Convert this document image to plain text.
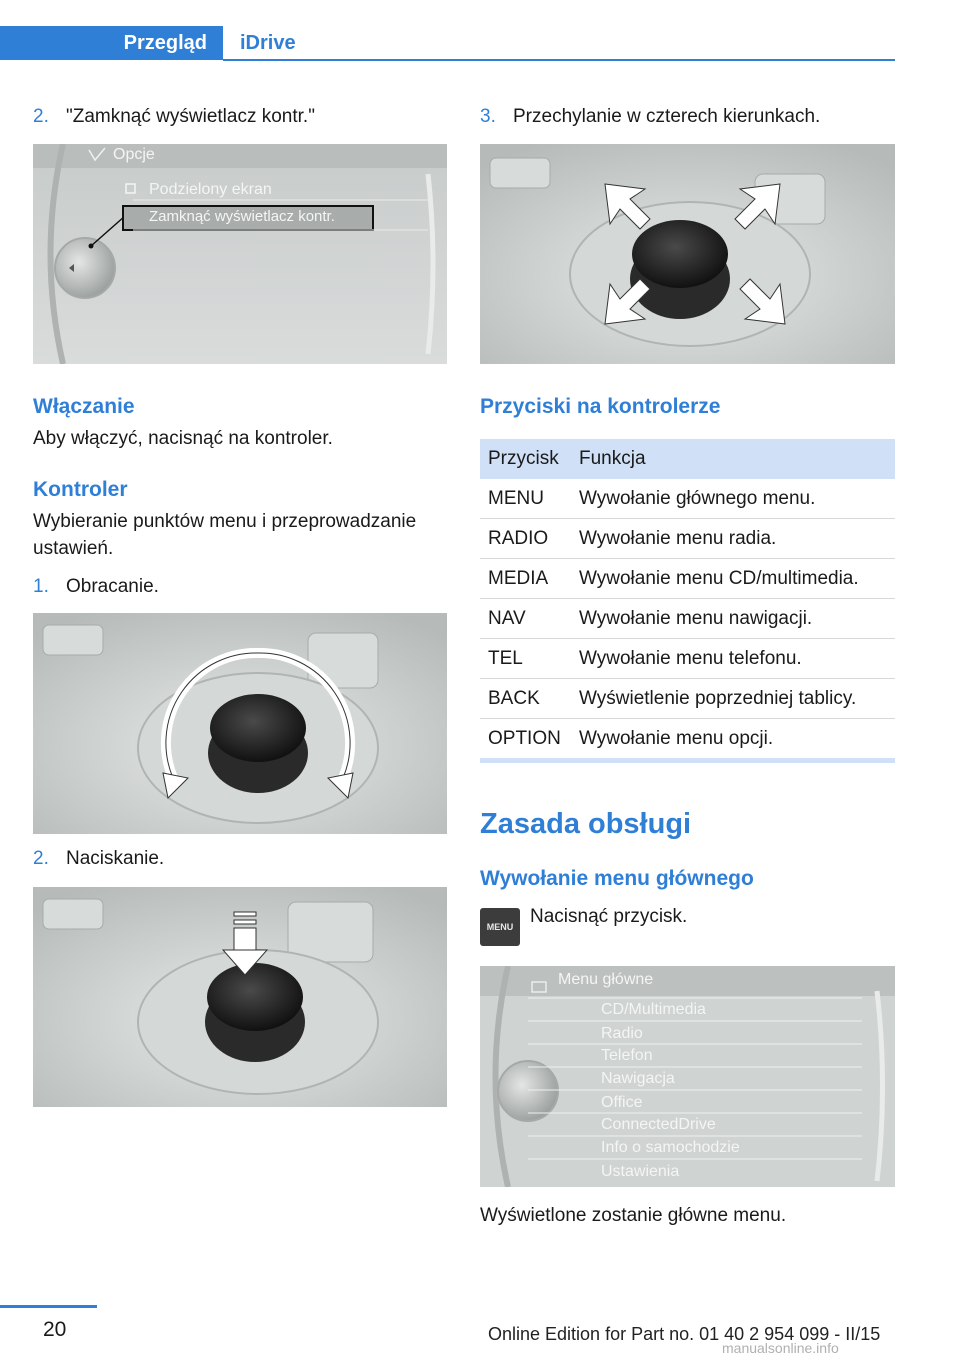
Przegląd	iDrive
2. "Zamknąć wyświetlacz kontr."
Opcje
Podzielony ekran
Zamknąć wyświetlacz kontr.
Włączanie
Aby włączyć, nacisnąć na kontroler.
Kontroler
Wybieranie punktów menu i przeprowadzanie ustawień.
1. Obracanie.
2. Naciskanie.
3. Przechylanie w czterech kierunkach.
Przyciski na kontrolerze
Przycisk	Funkcja
MENU	Wywołanie głównego menu.
RADIO	Wywołanie menu radia.
MEDIA	Wywołanie menu CD/multimedia.
NAV	Wywołanie menu nawigacji.
TEL	Wywołanie menu telefonu.
BACK	Wyświetlenie poprzedniej tablicy.
OPTION	Wywołanie menu opcji.
Zasada obsługi
Wywołanie menu głównego
MENU Nacisnąć przycisk.
Menu główne
CD/Multimedia
Radio
Telefon
Nawigacja
Office
ConnectedDrive
Info o samochodzie
Ustawienia
Wyświetlone zostanie główne menu.
20	Online Edition for Part no. 01 40 2 954 099 - II/15
manualsonline.info
